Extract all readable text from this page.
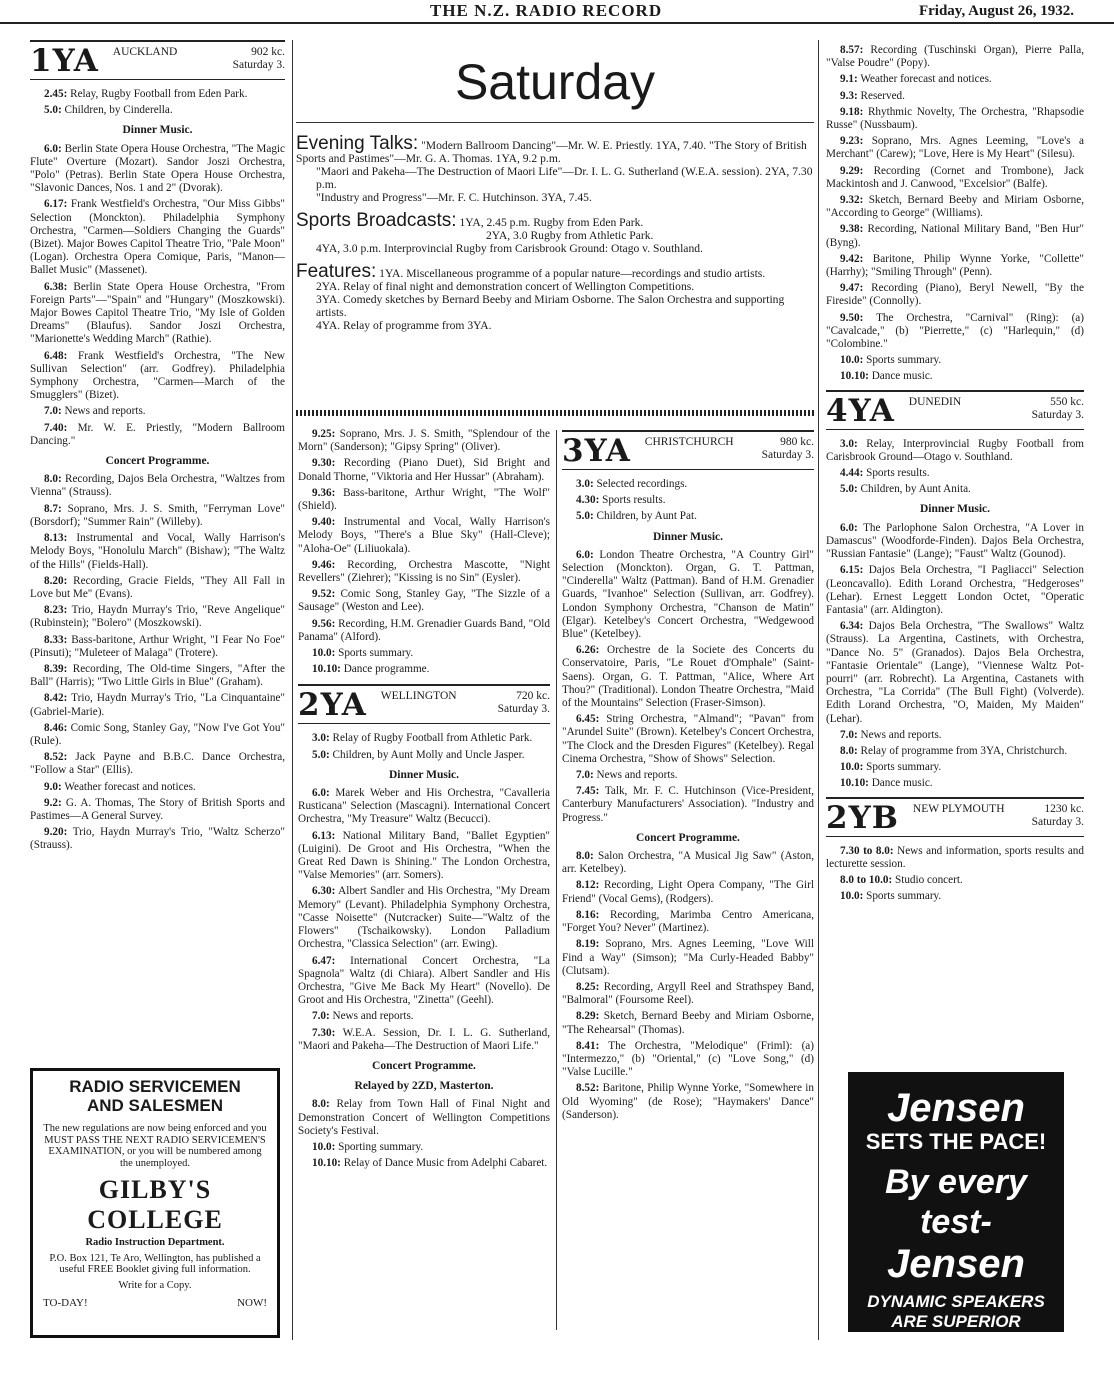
THE N.Z. RADIO RECORD	Friday, August 26, 1932.
1YA AUCKLAND	902 kc.
Saturday 3.

2.45: Relay, Rugby Football from Eden Park.

5.0: Children, by Cinderella.

Dinner Music.

6.0: Berlin State Opera House Orchestra, "The Magic Flute" Overture (Mozart). Sandor Joszi Orchestra, "Polo" (Petras). Berlin State Opera House Orchestra, "Slavonic Dances, Nos. 1 and 2" (Dvorak).

6.17: Frank Westfield's Orchestra, "Our Miss Gibbs" Selection (Monckton). Philadelphia Symphony Orchestra, "Carmen—Soldiers Changing the Guards" (Bizet). Major Bowes Capitol Theatre Trio, "Pale Moon" (Logan). Orchestra Opera Comique, Paris, "Manon—Ballet Music" (Massenet).

6.38: Berlin State Opera House Orchestra, "From Foreign Parts"—"Spain" and "Hungary" (Moszkowski). Major Bowes Capitol Theatre Trio, "My Isle of Golden Dreams" (Blaufus). Sandor Joszi Orchestra, "Marionette's Wedding March" (Rathie).

6.48: Frank Westfield's Orchestra, "The New Sullivan Selection" (arr. Godfrey). Philadelphia Symphony Orchestra, "Carmen—March of the Smugglers" (Bizet).

7.0: News and reports.

7.40: Mr. W. E. Priestly, "Modern Ballroom Dancing."

Concert Programme.

8.0: Recording, Dajos Bela Orchestra, "Waltzes from Vienna" (Strauss).

8.7: Soprano, Mrs. J. S. Smith, "Ferryman Love" (Borsdorf); "Summer Rain" (Willeby).

8.13: Instrumental and Vocal, Wally Harrison's Melody Boys, "Honolulu March" (Bishaw); "The Waltz of the Hills" (Fields-Hall).

8.20: Recording, Gracie Fields, "They All Fall in Love but Me" (Evans).

8.23: Trio, Haydn Murray's Trio, "Reve Angelique" (Rubinstein); "Bolero" (Moszkowski).

8.33: Bass-baritone, Arthur Wright, "I Fear No Foe" (Pinsuti); "Muleteer of Malaga" (Trotere).

8.39: Recording, The Old-time Singers, "After the Ball" (Harris); "Two Little Girls in Blue" (Graham).

8.42: Trio, Haydn Murray's Trio, "La Cinquantaine" (Gabriel-Marie).

8.46: Comic Song, Stanley Gay, "Now I've Got You" (Rule).

8.52: Jack Payne and B.B.C. Dance Orchestra, "Follow a Star" (Ellis).

9.0: Weather forecast and notices.

9.2: G. A. Thomas, The Story of British Sports and Pastimes—A General Survey.

9.20: Trio, Haydn Murray's Trio, "Waltz Scherzo" (Strauss).

Saturday

Evening Talks: "Modern Ballroom Dancing"—Mr. W. E. Priestly. 1YA, 7.40. "The Story of British Sports and Pastimes"—Mr. G. A. Thomas. 1YA, 9.2 p.m.

"Maori and Pakeha—The Destruction of Maori Life"—Dr. I. L. G. Sutherland (W.E.A. session). 2YA, 7.30 p.m.

"Industry and Progress"—Mr. F. C. Hutchinson. 3YA, 7.45.

Sports Broadcasts: 1YA, 2.45 p.m. Rugby from Eden Park.

2YA, 3.0 Rugby from Athletic Park.

4YA, 3.0 p.m. Interprovincial Rugby from Carisbrook Ground: Otago v. Southland.

Features: 1YA. Miscellaneous programme of a popular nature—recordings and studio artists.

2YA. Relay of final night and demonstration concert of Wellington Competitions.

3YA. Comedy sketches by Bernard Beeby and Miriam Osborne. The Salon Orchestra and supporting artists.

4YA. Relay of programme from 3YA.

9.25: Soprano, Mrs. J. S. Smith, "Splendour of the Morn" (Sanderson); "Gipsy Spring" (Oliver).

9.30: Recording (Piano Duet), Sid Bright and Donald Thorne, "Viktoria and Her Hussar" (Abraham).

9.36: Bass-baritone, Arthur Wright, "The Wolf" (Shield).

9.40: Instrumental and Vocal, Wally Harrison's Melody Boys, "There's a Blue Sky" (Hall-Cleve); "Aloha-Oe" (Liliuokala).

9.46: Recording, Orchestra Mascotte, "Night Revellers" (Ziehrer); "Kissing is no Sin" (Eysler).

9.52: Comic Song, Stanley Gay, "The Sizzle of a Sausage" (Weston and Lee).

9.56: Recording, H.M. Grenadier Guards Band, "Old Panama" (Alford).

10.0: Sports summary.

10.10: Dance programme.

2YA WELLINGTON	720 kc.
Saturday 3.

3.0: Relay of Rugby Football from Athletic Park.

5.0: Children, by Aunt Molly and Uncle Jasper.

Dinner Music.

6.0: Marek Weber and His Orchestra, "Cavalleria Rusticana" Selection (Mascagni). International Concert Orchestra, "My Treasure" Waltz (Becucci).

6.13: National Military Band, "Ballet Egyptien" (Luigini). De Groot and His Orchestra, "When the Great Red Dawn is Shining." The London Orchestra, "Valse Memories" (arr. Somers).

6.30: Albert Sandler and His Orchestra, "My Dream Memory" (Levant). Philadelphia Symphony Orchestra, "Casse Noisette" (Nutcracker) Suite—"Waltz of the Flowers" (Tschaikowsky). London Palladium Orchestra, "Classica Selection" (arr. Ewing).

6.47: International Concert Orchestra, "La Spagnola" Waltz (di Chiara). Albert Sandler and His Orchestra, "Give Me Back My Heart" (Novello). De Groot and His Orchestra, "Zinetta" (Geehl).

7.0: News and reports.

7.30: W.E.A. Session, Dr. I. L. G. Sutherland, "Maori and Pakeha—The Destruction of Maori Life."

Concert Programme.

Relayed by 2ZD, Masterton.

8.0: Relay from Town Hall of Final Night and Demonstration Concert of Wellington Competitions Society's Festival.

10.0: Sporting summary.

10.10: Relay of Dance Music from Adelphi Cabaret.

3YA CHRISTCHURCH	980 kc.
Saturday 3.

3.0: Selected recordings.

4.30: Sports results.

5.0: Children, by Aunt Pat.

Dinner Music.

6.0: London Theatre Orchestra, "A Country Girl" Selection (Monckton). Organ, G. T. Pattman, "Cinderella" Waltz (Pattman). Band of H.M. Grenadier Guards, "Ivanhoe" Selection (Sullivan, arr. Godfrey). London Symphony Orchestra, "Chanson de Matin" (Elgar). Ketelbey's Concert Orchestra, "Wedgewood Blue" (Ketelbey).

6.26: Orchestre de la Societe des Concerts du Conservatoire, Paris, "Le Rouet d'Omphale" (Saint-Saens). Organ, G. T. Pattman, "Alice, Where Art Thou?" (Traditional). London Theatre Orchestra, "Maid of the Mountains" Selection (Fraser-Simson).

6.45: String Orchestra, "Almand"; "Pavan" from "Arundel Suite" (Brown). Ketelbey's Concert Orchestra, "The Clock and the Dresden Figures" (Ketelbey). Regal Cinema Orchestra, "Show of Shows" Selection.

7.0: News and reports.

7.45: Talk, Mr. F. C. Hutchinson (Vice-President, Canterbury Manufacturers' Association). "Industry and Progress."

Concert Programme.

8.0: Salon Orchestra, "A Musical Jig Saw" (Aston, arr. Ketelbey).

8.12: Recording, Light Opera Company, "The Girl Friend" (Vocal Gems), (Rodgers).

8.16: Recording, Marimba Centro Americana, "Forget You? Never" (Martinez).

8.19: Soprano, Mrs. Agnes Leeming, "Love Will Find a Way" (Simson); "Ma Curly-Headed Babby" (Clutsam).

8.25: Recording, Argyll Reel and Strathspey Band, "Balmoral" (Foursome Reel).

8.29: Sketch, Bernard Beeby and Miriam Osborne, "The Rehearsal" (Thomas).

8.41: The Orchestra, "Melodique" (Friml): (a) "Intermezzo," (b) "Oriental," (c) "Love Song," (d) "Valse Lucille."

8.52: Baritone, Philip Wynne Yorke, "Somewhere in Old Wyoming" (de Rose); "Haymakers' Dance" (Sanderson).

8.57: Recording (Tuschinski Organ), Pierre Palla, "Valse Poudre" (Popy).

9.1: Weather forecast and notices.

9.3: Reserved.

9.18: Rhythmic Novelty, The Orchestra, "Rhapsodie Russe" (Nussbaum).

9.23: Soprano, Mrs. Agnes Leeming, "Love's a Merchant" (Carew); "Love, Here is My Heart" (Silesu).

9.29: Recording (Cornet and Trombone), Jack Mackintosh and J. Canwood, "Excelsior" (Balfe).

9.32: Sketch, Bernard Beeby and Miriam Osborne, "According to George" (Williams).

9.38: Recording, National Military Band, "Ben Hur" (Byng).

9.42: Baritone, Philip Wynne Yorke, "Collette" (Harrhy); "Smiling Through" (Penn).

9.47: Recording (Piano), Beryl Newell, "By the Fireside" (Connolly).

9.50: The Orchestra, "Carnival" (Ring): (a) "Cavalcade," (b) "Pierrette," (c) "Harlequin," (d) "Colombine."

10.0: Sports summary.

10.10: Dance music.

4YA DUNEDIN	550 kc.
Saturday 3.

3.0: Relay, Interprovincial Rugby Football from Carisbrook Ground—Otago v. Southland.

4.44: Sports results.

5.0: Children, by Aunt Anita.

Dinner Music.

6.0: The Parlophone Salon Orchestra, "A Lover in Damascus" (Woodforde-Finden). Dajos Bela Orchestra, "Russian Fantasie" (Lange); "Faust" Waltz (Gounod).

6.15: Dajos Bela Orchestra, "I Pagliacci" Selection (Leoncavallo). Edith Lorand Orchestra, "Hedgeroses" (Lehar). Ernest Leggett London Octet, "Operatic Fantasia" (arr. Aldington).

6.34: Dajos Bela Orchestra, "The Swallows" Waltz (Strauss). La Argentina, Castinets, with Orchestra, "Dance No. 5" (Granados). Dajos Bela Orchestra, "Fantasie Orientale" (Lange), "Viennese Waltz Pot-pourri" (arr. Robrecht). La Argentina, Castanets with Orchestra, "La Corrida" (The Bull Fight) (Volverde). Edith Lorand Orchestra, "O, Maiden, My Maiden" (Lehar).

7.0: News and reports.

8.0: Relay of programme from 3YA, Christchurch.

10.0: Sports summary.

10.10: Dance music.

2YB NEW PLYMOUTH	1230 kc.
Saturday 3.

7.30 to 8.0: News and information, sports results and lecturette session.

8.0 to 10.0: Studio concert.

10.0: Sports summary.

RADIO SERVICEMEN
AND SALESMEN
The new regulations are now being enforced and you MUST PASS THE NEXT RADIO SERVICEMEN'S EXAMINATION, or you will be numbered among the unemployed.
GILBY'S COLLEGE
Radio Instruction Department.
P.O. Box 121, Te Aro, Wellington, has published a useful FREE Booklet giving full information.
Write for a Copy.
TO-DAY!	NOW!
Jensen
SETS THE PACE!
By every test-
Jensen
DYNAMIC SPEAKERS
ARE SUPERIOR
